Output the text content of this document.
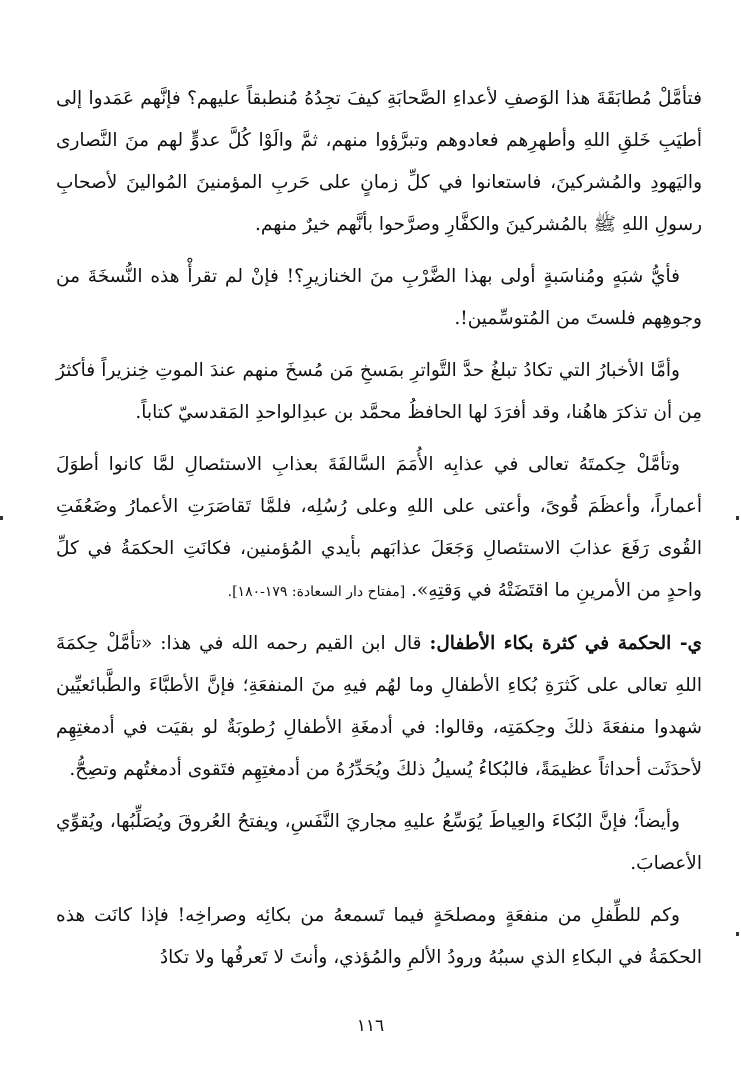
فتأمَّلْ مُطابَقَةَ هذا الوَصفِ لأعداءِ الصَّحابَةِ كيفَ تجِدُهُ مُنطبقاً عليهم؟ فإنَّهم عَمَدوا إلى أطيَبِ خَلقِ اللهِ وأطهرِهم فعادوهم وتبرَّؤوا منهم، ثمَّ والَوْا كُلَّ عدوٍّ لهم منَ النَّصارى واليَهودِ والمُشركينَ، فاستعانوا في كلِّ زمانٍ على حَربِ المؤمنينَ المُوالينَ لأصحابِ رسولِ اللهِ ﷺ بالمُشركينَ والكفَّارِ وصرَّحوا بأنَّهم خيرٌ منهم.

فأيُّ شبَهٍ ومُناسَبةٍ أولى بهذا الضَّرْبِ منَ الخنازيرِ؟! فإنْ لم تقرأْ هذه النُّسخَةَ من وجوهِهم فلستَ من المُتوسِّمين!.

وأمَّا الأخبارُ التي تكادُ تبلغُ حدَّ التَّواترِ بمَسخِ مَن مُسخَ منهم عندَ الموتِ خِنزيراً فأكثرُ مِن أن تذكرَ هاهُنا، وقد أفرَدَ لها الحافظُ محمَّد بن عبدِالواحدِ المَقدسيّ كتاباً.

وتأمَّلْ حِكمتَهُ تعالى في عذابِه الأُمَمَ السَّالفَةَ بعذابِ الاستئصالِ لمَّا كانوا أطوَلَ أعماراً، وأعظَمَ قُوىً، وأعتى على اللهِ وعلى رُسُلِه، فلمَّا تَقاصَرَتِ الأعمارُ وضَعُفَتِ القُوى رَفَعَ عذابَ الاستئصالِ وَجَعَلَ عذابَهم بأيدي المُؤمنين، فكانَتِ الحكمَةُ في كلِّ واحدٍ من الأمرينِ ما اقتَضَتْهُ في وَقتِهِ». [مفتاح دار السعادة: ١٧٩-١٨٠].

ي- الحكمة في كثرة بكاء الأطفال: قال ابن القيم رحمه الله في هذا: «تأمَّلْ حِكمَةَ اللهِ تعالى على كَثرَةِ بُكاءِ الأطفالِ وما لهُم فيهِ منَ المنفعَةِ؛ فإنَّ الأطبَّاءَ والطَّبائعيِّين شهدوا منفعَةَ ذلكَ وحِكمَتِه، وقالوا: في أدمغَةِ الأطفالِ رُطوبَةٌ لو بقيَت في أدمغتِهِم لأحدَثَت أحداثاً عظيمَةً، فالبُكاءُ يُسيلُ ذلكَ ويُحَدِّرُهُ من أدمغتِهِم فتَقوى أدمغتُهم وتصِحُّ.

وأيضاً؛ فإنَّ البُكاءَ والعِياطَ يُوَسِّعُ عليهِ مجاريَ النَّفَسِ، ويفتحُ العُروقَ ويُصَلِّبُها، ويُقوِّي الأعصابَ.

وكم للطِّفلِ من منفعَةٍ ومصلحَةٍ فيما تَسمعهُ من بكائِه وصراخِه! فإذا كانَت هذه الحكمَةُ في البكاءِ الذي سببُهُ ورودُ الألمِ والمُؤذي، وأنتَ لا تَعرفُها ولا تكادُ

١١٦
